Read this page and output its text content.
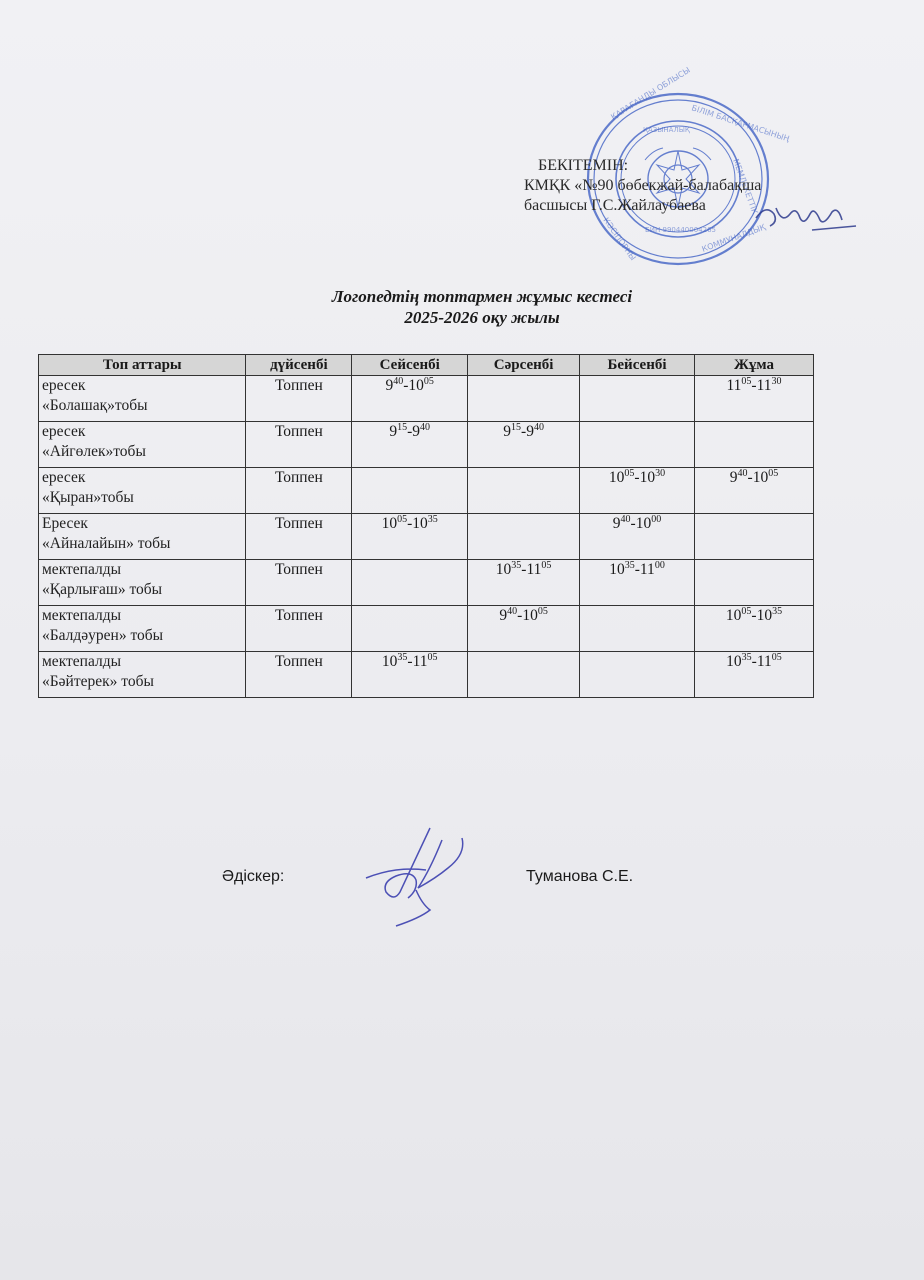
ҚАРАҒАНДЫ ОБЛЫСЫ
БІЛІМ БАСҚАРМАСЫНЫҢ
МЕМЛЕКЕТТІК
КОММУНАЛДЫҚ
КӘСІПОРНЫ
ҚАЗЫНАЛЫҚ
БИН 990440004265
БЕКІТЕМІН:
КМҚК «№90 бөбекжай-балабақша
басшысы Г.С.Жайлаубаева
Логопедтің топтармен жұмыс кестесі
2025-2026 оқу жылы
Топ аттары	дүйсенбі	Сейсенбі	Сәрсенбі	Бейсенбі	Жұма

ересек
«Болашақ»тобы	Топпен	$9^{40}-10^{05}$			$11^{05}-11^{30}$

ересек
«Айгөлек»тобы	Топпен	$9^{15}-9^{40}$	$9^{15}-9^{40}$		

ересек
«Қыран»тобы	Топпен			$10^{05}-10^{30}$	$9^{40}-10^{05}$

Ересек
«Айналайын» тобы	Топпен	$10^{05}-10^{35}$		$9^{40}-10^{00}$	

мектепалды
«Қарлығаш» тобы	Топпен		$10^{35}-11^{05}$	$10^{35}-11^{00}$	

мектепалды
«Балдәурен» тобы	Топпен		$9^{40}-10^{05}$		$10^{05}-10^{35}$

мектепалды
«Бәйтерек» тобы	Топпен	$10^{35}-11^{05}$			$10^{35}-11^{05}$
Әдіскер:	Туманова С.Е.
